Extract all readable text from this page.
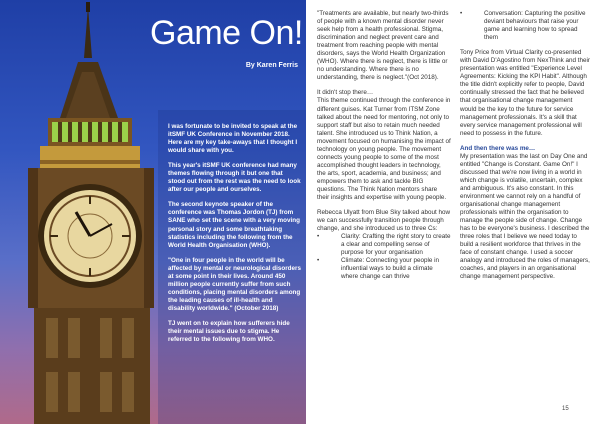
Game On!
By Karen Ferris

I was fortunate to be invited to speak at the itSMF UK Conference in November 2018. Here are my key take-aways that I thought I would share with you.

This year's itSMF UK conference had many themes flowing through it but one that stood out from the rest was the need to look after our people and ourselves.

The second keynote speaker of the conference was Thomas Jordon (TJ) from SANE who set the scene with a very moving personal story and some breathtaking statistics including the following from the World Health Organisation (WHO).

"One in four people in the world will be affected by mental or neurological disorders at some point in their lives. Around 450 million people currently suffer from such conditions, placing mental disorders among the leading causes of ill-health and disability worldwide." (October 2018)

TJ went on to explain how sufferers hide their mental issues due to stigma. He referred to the following from WHO.

"Treatments are available, but nearly two-thirds of people with a known mental disorder never seek help from a health professional. Stigma, discrimination and neglect prevent care and treatment from reaching people with mental disorders, says the World Health Organization (WHO). Where there is neglect, there is little or no understanding. Where there is no understanding, there is neglect."(Oct 2018).

It didn't stop there…

This theme continued through the conference in different guises. Kat Turner from ITSM Zone talked about the need for mentoring, not only to support staff but also to retain much needed talent. She introduced us to Think Nation, a movement focused on humanising the impact of technology on young people. The movement connects young people to some of the most accomplished thought leaders in technology, the arts, sport, academia, and business; and empowers them to ask and tackle BIG questions. The Think Nation mentors share their insights and expertise with young people.

Rebecca Ulyatt from Blue Sky talked about how we can successfully transition people through change, and she introduced us to three Cs:

•	Clarity: Crafting the right story to create a clear and compelling sense of purpose for your organisation
•	Climate: Connecting your people in influential ways to build a climate where change can thrive
•	Conversation: Capturing the positive deviant behaviours that raise your game and learning how to spread them

Tony Price from Virtual Clarity co-presented with David D'Agostino from NexThink and their presentation was entitled "Experience Level Agreements: Kicking the KPI Habit". Although the title didn't explicitly refer to people, David continually stressed the fact that he believed that organisational change management would be the key to the future for service management professionals. It's a skill that every service management professional will need to possess in the future.

And then there was me…

My presentation was the last on Day One and entitled "Change is Constant. Game On!" I discussed that we're now living in a world in which change is volatile, uncertain, complex and ambiguous. It's also constant. In this environment we cannot rely on a handful of organisational change management professionals within the organisation to manage the people side of change. Change has to be everyone's business. I described the three roles that I believe we need today to build a resilient workforce that thrives in the face of constant change. I used a soccer analogy and introduced the roles of managers, coaches, and players in an organisational change management perspective.

15
